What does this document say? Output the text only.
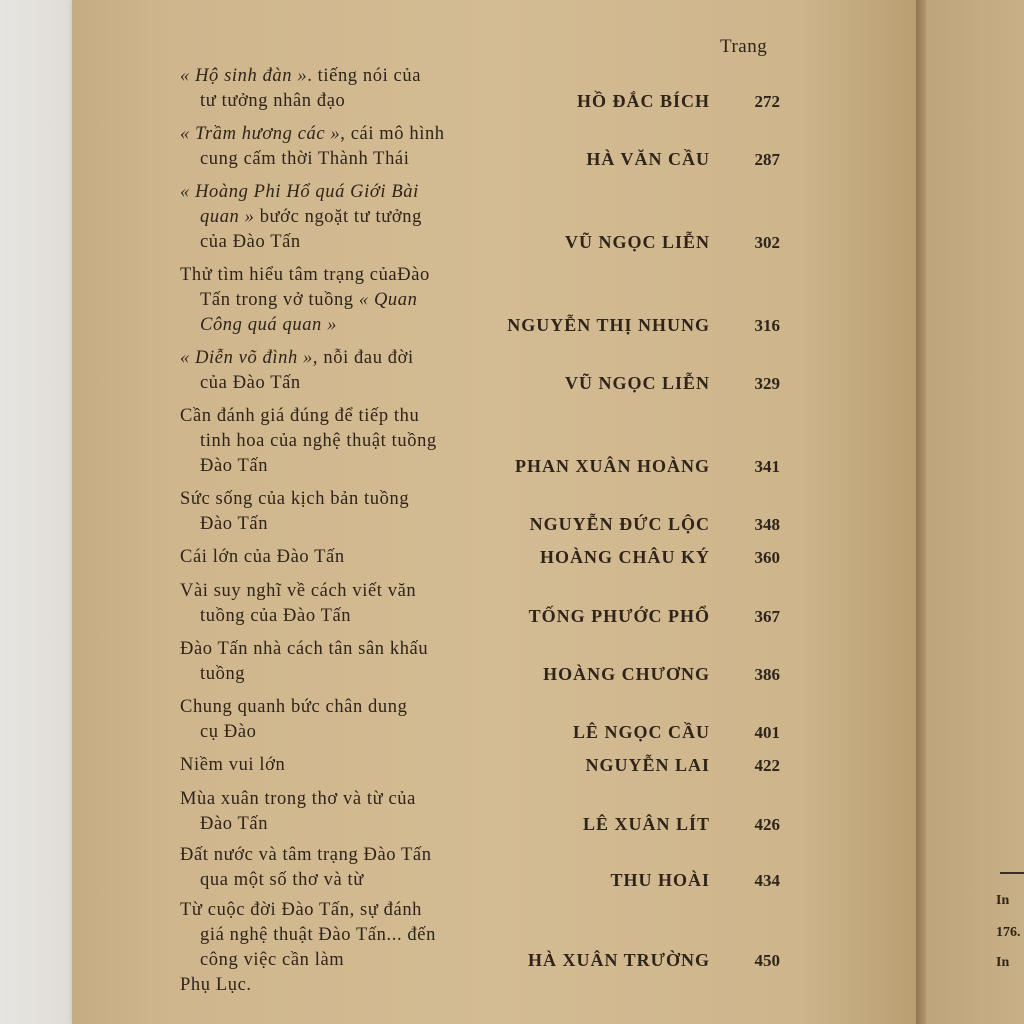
Trang
« Hộ sinh đàn ». tiếng nói của
tư tưởng nhân đạo	HỒ ĐẮC BÍCH	272
« Trầm hương các », cái mô hình
cung cấm thời Thành Thái	HÀ VĂN CẦU	287
« Hoàng Phi Hổ quá Giới Bài
quan » bước ngoặt tư tưởng
của Đào Tấn	VŨ NGỌC LIỄN	302
Thử tìm hiểu tâm trạng củaĐào
Tấn trong vở tuồng « Quan
Công quá quan »	NGUYỄN THỊ NHUNG	316
« Diễn võ đình », nỗi đau đời
của Đào Tấn	VŨ NGỌC LIỄN	329
Cần đánh giá đúng để tiếp thu
tinh hoa của nghệ thuật tuồng
Đào Tấn	PHAN XUÂN HOÀNG	341
Sức sống của kịch bản tuồng
Đào Tấn	NGUYỄN ĐỨC LỘC	348
Cái lớn của Đào Tấn	HOÀNG CHÂU KÝ	360
Vài suy nghĩ về cách viết văn
tuồng của Đào Tấn	TỐNG PHƯỚC PHỔ	367
Đào Tấn nhà cách tân sân khấu
tuồng	HOÀNG CHƯƠNG	386
Chung quanh bức chân dung
cụ Đào	LÊ NGỌC CẦU	401
Niềm vui lớn	NGUYỄN LAI	422
Mùa xuân trong thơ và từ của
Đào Tấn	LÊ XUÂN LÍT	426
Đất nước và tâm trạng Đào Tấn
qua một số thơ và từ	THU HOÀI	434
Từ cuộc đời Đào Tấn, sự đánh
giá nghệ thuật Đào Tấn... đến
công việc cần làm	HÀ XUÂN TRƯỜNG	450
Phụ Lục.
In
176.
In
